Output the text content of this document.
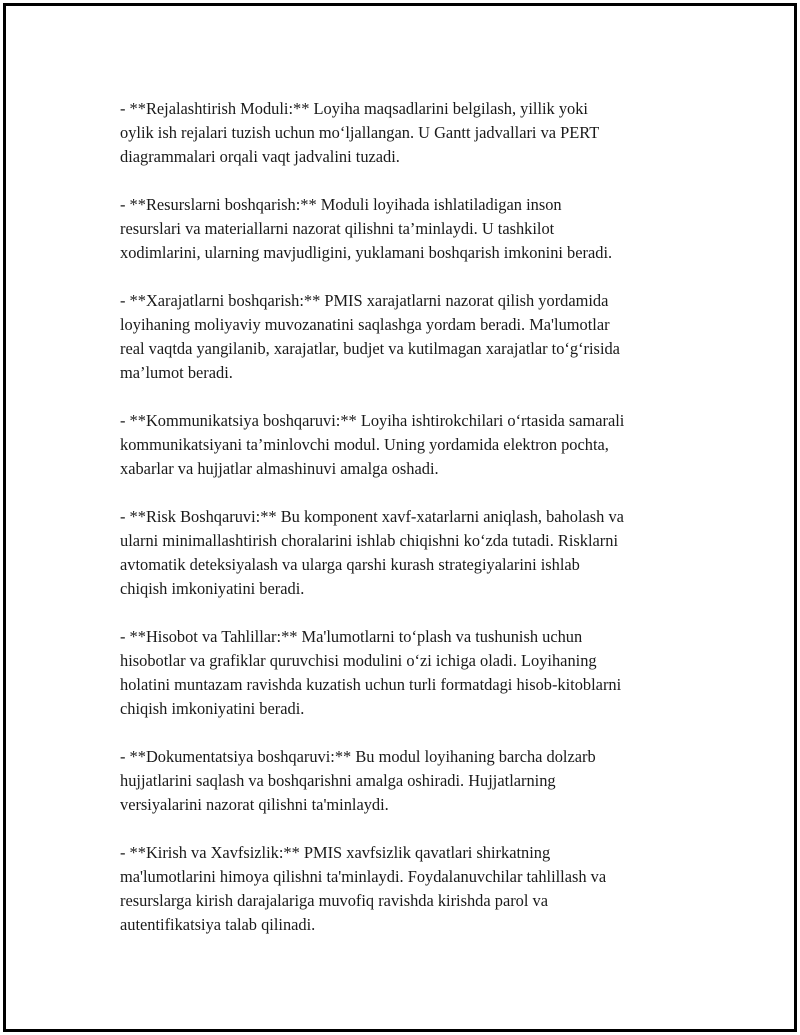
- **Rejalashtirish Moduli:** Loyiha maqsadlarini belgilash, yillik yoki
oylik ish rejalari tuzish uchun mo‘ljallangan. U Gantt jadvallari va PERT
diagrammalari orqali vaqt jadvalini tuzadi.
- **Resurslarni boshqarish:** Moduli loyihada ishlatiladigan inson
resurslari va materiallarni nazorat qilishni ta’minlaydi. U tashkilot
xodimlarini, ularning mavjudligini, yuklamani boshqarish imkonini beradi.
- **Xarajatlarni boshqarish:** PMIS xarajatlarni nazorat qilish yordamida
loyihaning moliyaviy muvozanatini saqlashga yordam beradi. Ma'lumotlar
real vaqtda yangilanib, xarajatlar, budjet va kutilmagan xarajatlar to‘g‘risida
ma’lumot beradi.
- **Kommunikatsiya boshqaruvi:** Loyiha ishtirokchilari o‘rtasida samarali
kommunikatsiyani ta’minlovchi modul. Uning yordamida elektron pochta,
xabarlar va hujjatlar almashinuvi amalga oshadi.
- **Risk Boshqaruvi:** Bu komponent xavf-xatarlarni aniqlash, baholash va
ularni minimallashtirish choralarini ishlab chiqishni ko‘zda tutadi. Risklarni
avtomatik deteksiyalash va ularga qarshi kurash strategiyalarini ishlab
chiqish imkoniyatini beradi.
- **Hisobot va Tahlillar:** Ma'lumotlarni to‘plash va tushunish uchun
hisobotlar va grafiklar quruvchisi modulini o‘zi ichiga oladi. Loyihaning
holatini muntazam ravishda kuzatish uchun turli formatdagi hisob-kitoblarni
chiqish imkoniyatini beradi.
- **Dokumentatsiya boshqaruvi:** Bu modul loyihaning barcha dolzarb
hujjatlarini saqlash va boshqarishni amalga oshiradi. Hujjatlarning
versiyalarini nazorat qilishni ta'minlaydi.
- **Kirish va Xavfsizlik:** PMIS xavfsizlik qavatlari shirkatning
ma'lumotlarini himoya qilishni ta'minlaydi. Foydalanuvchilar tahlillash va
resurslarga kirish darajalariga muvofiq ravishda kirishda parol va
autentifikatsiya talab qilinadi.
